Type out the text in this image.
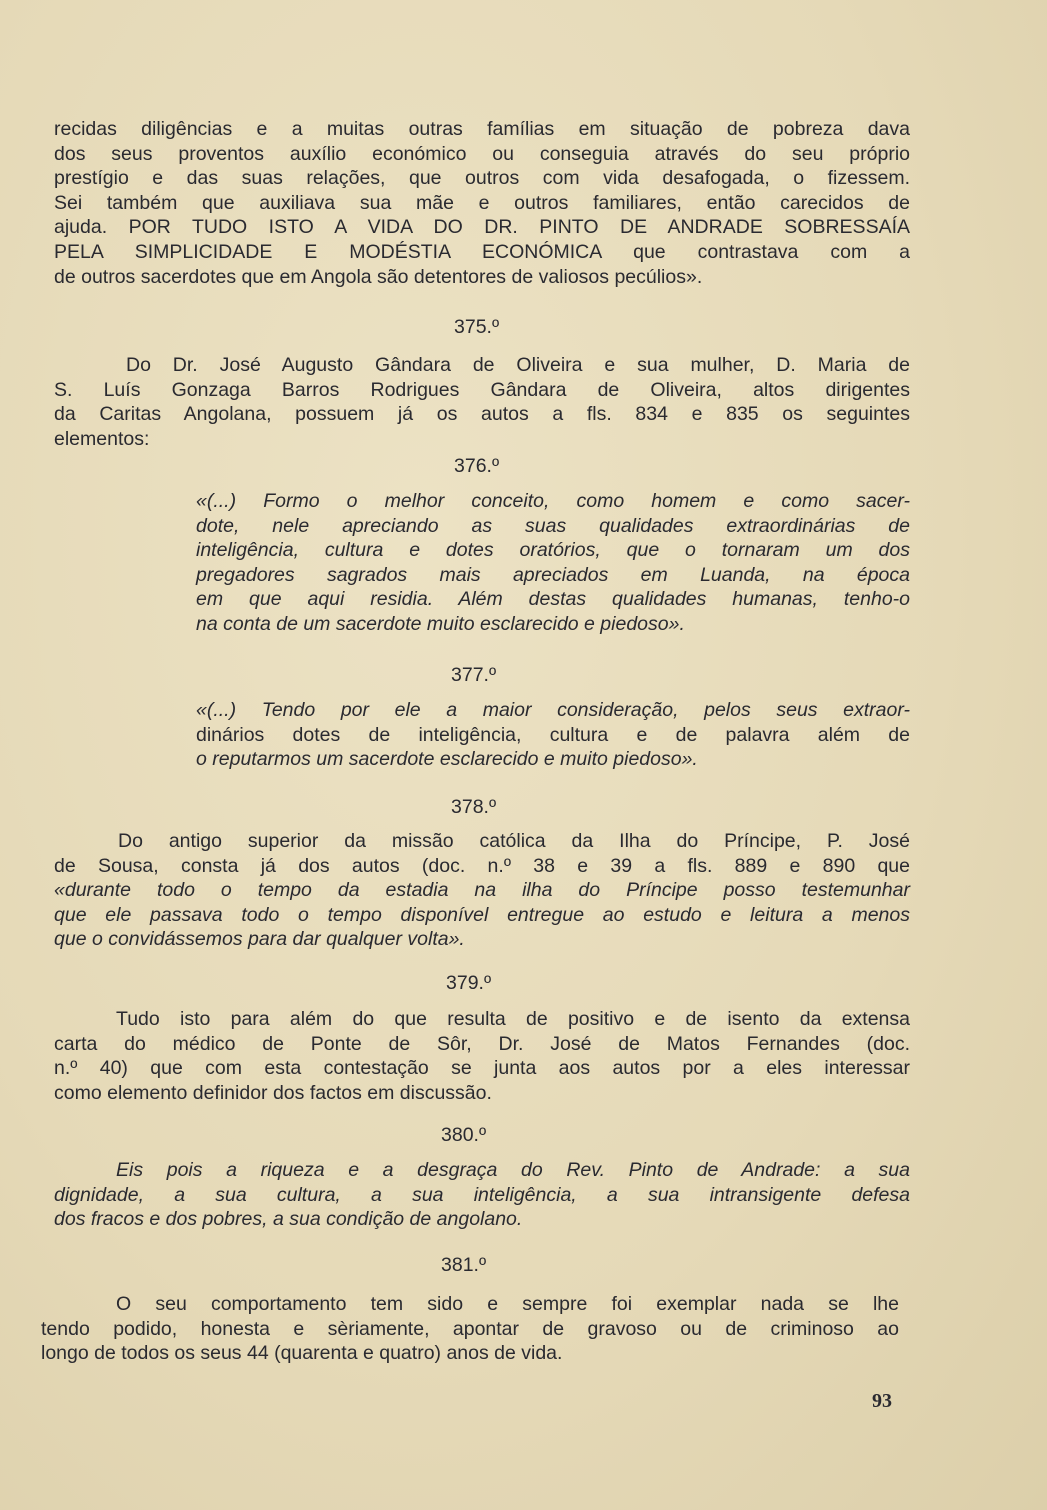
recidas diligências e a muitas outras famílias em situação de pobreza dava
dos seus proventos auxílio económico ou conseguia através do seu próprio
prestígio e das suas relações, que outros com vida desafogada, o fizessem.
Sei também que auxiliava sua mãe e outros familiares, então carecidos de
ajuda. POR TUDO ISTO A VIDA DO DR. PINTO DE ANDRADE SOBRESSAÍA
PELA SIMPLICIDADE E MODÉSTIA ECONÓMICA que contrastava com a
de outros sacerdotes que em Angola são detentores de valiosos pecúlios».
375.º
Do Dr. José Augusto Gândara de Oliveira e sua mulher, D. Maria de
S. Luís Gonzaga Barros Rodrigues Gândara de Oliveira, altos dirigentes
da Caritas Angolana, possuem já os autos a fls. 834 e 835 os seguintes
elementos:
376.º
«(...) Formo o melhor conceito, como homem e como sacer-
dote, nele apreciando as suas qualidades extraordinárias de
inteligência, cultura e dotes oratórios, que o tornaram um dos
pregadores sagrados mais apreciados em Luanda, na época
em que aqui residia. Além destas qualidades humanas, tenho-o
na conta de um sacerdote muito esclarecido e piedoso».
377.º
«(...) Tendo por ele a maior consideração, pelos seus extraor-
dinários dotes de inteligência, cultura e de palavra além de
o reputarmos um sacerdote esclarecido e muito piedoso».
378.º
Do antigo superior da missão católica da Ilha do Príncipe, P. José
de Sousa, consta já dos autos (doc. n.º 38 e 39 a fls. 889 e 890 que
«durante todo o tempo da estadia na ilha do Príncipe posso testemunhar
que ele passava todo o tempo disponível entregue ao estudo e leitura a menos
que o convidássemos para dar qualquer volta».
379.º
Tudo isto para além do que resulta de positivo e de isento da extensa
carta do médico de Ponte de Sôr, Dr. José de Matos Fernandes (doc.
n.º 40) que com esta contestação se junta aos autos por a eles interessar
como elemento definidor dos factos em discussão.
380.º
Eis pois a riqueza e a desgraça do Rev. Pinto de Andrade: a sua
dignidade, a sua cultura, a sua inteligência, a sua intransigente defesa
dos fracos e dos pobres, a sua condição de angolano.
381.º
O seu comportamento tem sido e sempre foi exemplar nada se lhe
tendo podido, honesta e sèriamente, apontar de gravoso ou de criminoso ao
longo de todos os seus 44 (quarenta e quatro) anos de vida.
93
